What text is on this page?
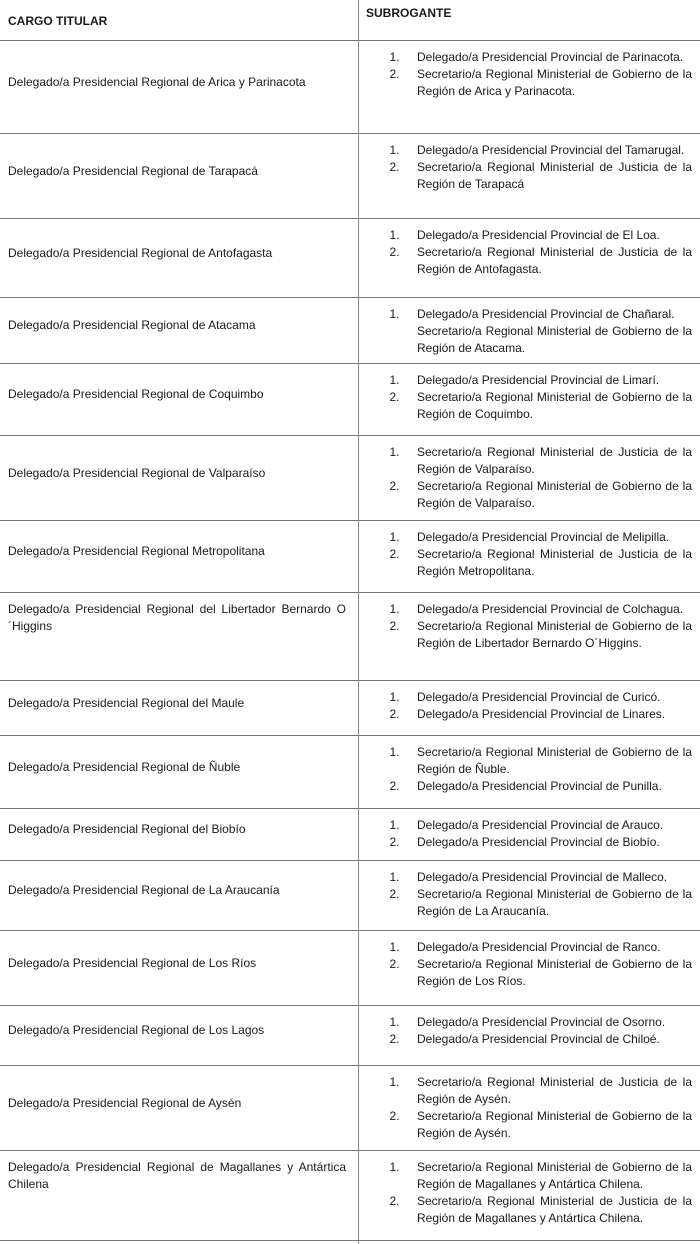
CARGO TITULAR
SUBROGANTE
Delegado/a Presidencial Regional de Arica y Parinacota
1.	Delegado/a Presidencial Provincial de Parinacota.
2.	Secretario/a Regional Ministerial de Gobierno de la Región de Arica y Parinacota.
Delegado/a Presidencial Regional de Tarapacá
1.	Delegado/a Presidencial Provincial del Tamarugal.
2.	Secretario/a Regional Ministerial de Justicia de la Región de Tarapacá
Delegado/a Presidencial Regional de Antofagasta
1.	Delegado/a Presidencial Provincial de El Loa.
2.	Secretario/a Regional Ministerial de Justicia de la Región de Antofagasta.
Delegado/a Presidencial Regional de Atacama
1.	Delegado/a Presidencial Provincial de Chañaral.
Secretario/a Regional Ministerial de Gobierno de la Región de Atacama.
Delegado/a Presidencial Regional de Coquimbo
1.	Delegado/a Presidencial Provincial de Limarí.
2.	Secretario/a Regional Ministerial de Gobierno de la Región de Coquimbo.
Delegado/a Presidencial Regional de Valparaíso
1.	Secretario/a Regional Ministerial de Justicia de la Región de Valparaíso.
2.	Secretario/a Regional Ministerial de Gobierno de la Región de Valparaíso.
Delegado/a Presidencial Regional Metropolitana
1.	Delegado/a Presidencial Provincial de Melipilla.
2.	Secretario/a Regional Ministerial de Justicia de la Región Metropolitana.
Delegado/a Presidencial Regional del Libertador Bernardo O´Higgins
1.	Delegado/a Presidencial Provincial de Colchagua.
2.	Secretario/a Regional Ministerial de Gobierno de la Región de Libertador Bernardo O´Higgins.
Delegado/a Presidencial Regional del Maule	1.	Delegado/a Presidencial Provincial de Curicó.
2.	Delegado/a Presidencial Provincial de Linares.
Delegado/a Presidencial Regional de Ñuble
1.	Secretario/a Regional Ministerial de Gobierno de la Región de Ñuble.
2.	Delegado/a Presidencial Provincial de Punilla.
Delegado/a Presidencial Regional del Biobío	1.	Delegado/a Presidencial Provincial de Arauco.
2.	Delegado/a Presidencial Provincial de Biobío.
Delegado/a Presidencial Regional de La Araucanía
1.	Delegado/a Presidencial Provincial de Malleco.
2.	Secretario/a Regional Ministerial de Gobierno de la Región de La Araucanía.
Delegado/a Presidencial Regional de Los Ríos
1.	Delegado/a Presidencial Provincial de Ranco.
2.	Secretario/a Regional Ministerial de Gobierno de la Región de Los Ríos.
Delegado/a Presidencial Regional de Los Lagos
1.	Delegado/a Presidencial Provincial de Osorno.
2.	Delegado/a Presidencial Provincial de Chiloé.
Delegado/a Presidencial Regional de Aysén
1.	Secretario/a Regional Ministerial de Justicia de la Región de Aysén.
2.	Secretario/a Regional Ministerial de Gobierno de la Región de Aysén.
Delegado/a Presidencial Regional de Magallanes y Antártica Chilena
1.	Secretario/a Regional Ministerial de Gobierno de la Región de Magallanes y Antártica Chilena.
2.	Secretario/a Regional Ministerial de Justicia de la Región de Magallanes y Antártica Chilena.
